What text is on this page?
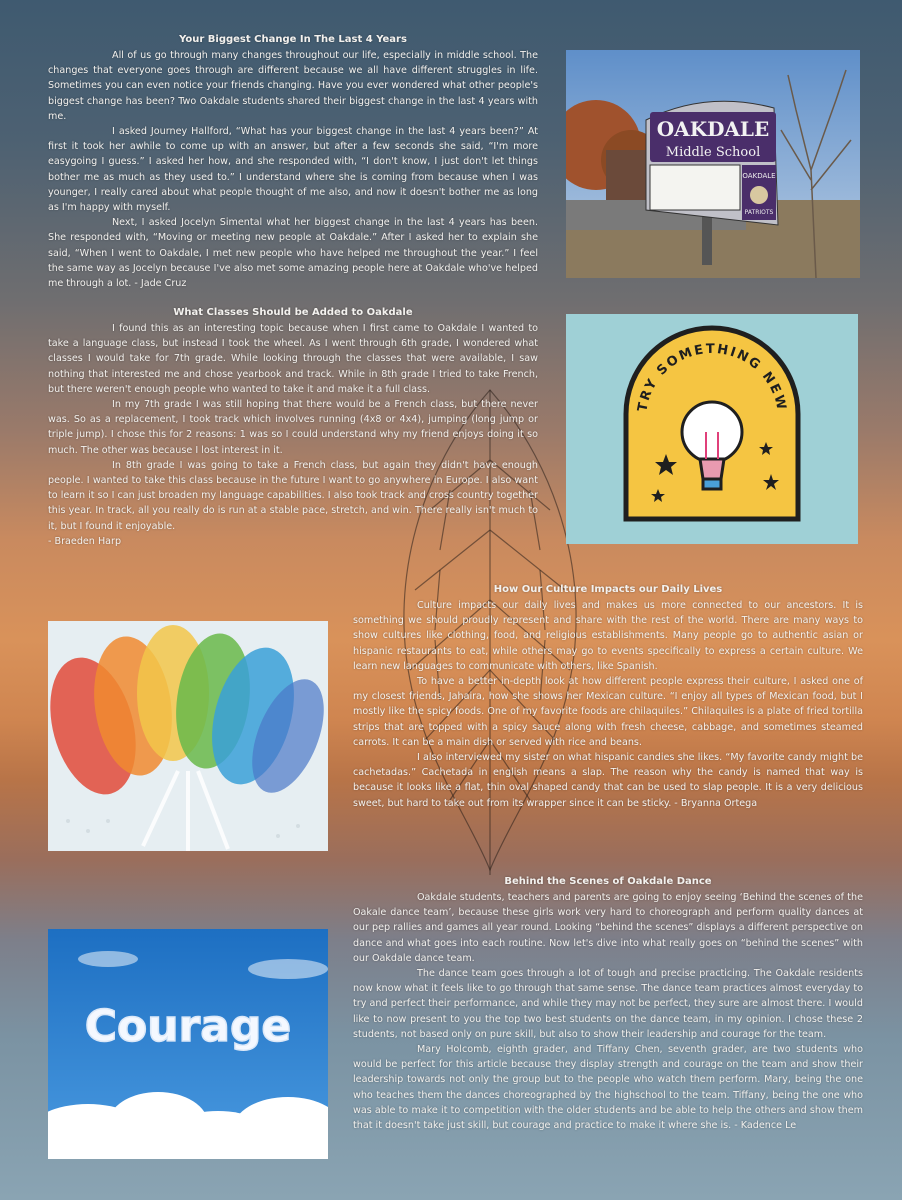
Your Biggest Change In The Last 4 Years

All of us go through many changes throughout our life, especially in middle school. The changes that everyone goes through are different because we all have different struggles in life. Sometimes you can even notice your friends changing. Have you ever wondered what other people's biggest change has been? Two Oakdale students shared their biggest change in the last 4 years with me.

I asked Journey Hallford, “What has your biggest change in the last 4 years been?” At first it took her awhile to come up with an answer, but after a few seconds she said, “I'm more easygoing I guess.” I asked her how, and she responded with, “I don't know, I just don't let things bother me as much as they used to.” I understand where she is coming from because when I was younger, I really cared about what people thought of me also, and now it doesn't bother me as long as I'm happy with myself.

Next, I asked Jocelyn Simental what her biggest change in the last 4 years has been. She responded with, “Moving or meeting new people at Oakdale.” After I asked her to explain she said, “When I went to Oakdale, I met new people who have helped me throughout the year.” I feel the same way as Jocelyn because I've also met some amazing people here at Oakdale who've helped me through a lot. - Jade Cruz

What Classes Should be Added to Oakdale

I found this as an interesting topic because when I first came to Oakdale I wanted to take a language class, but instead I took the wheel. As I went through 6th grade, I wondered what classes I would take for 7th grade. While looking through the classes that were available, I saw nothing that interested me and chose yearbook and track. While in 8th grade I tried to take French, but there weren't enough people who wanted to take it and make it a full class.

In my 7th grade I was still hoping that there would be a French class, but there never was. So as a replacement, I took track which involves running (4x8 or 4x4), jumping (long jump or triple jump). I chose this for 2 reasons: 1 was so I could understand why my friend enjoys doing it so much. The other was because I lost interest in it.

In 8th grade I was going to take a French class, but again they didn't have enough people. I wanted to take this class because in the future I want to go anywhere in Europe. I also want to learn it so I can just broaden my language capabilities. I also took track and cross country together this year. In track, all you really do is run at a stable pace, stretch, and win. There really isn't much to it, but I found it enjoyable.

- Braeden Harp

How Our Culture Impacts our Daily Lives

Culture impacts our daily lives and makes us more connected to our ancestors. It is something we should proudly represent and share with the rest of the world. There are many ways to show cultures like clothing, food, and religious establishments. Many people go to authentic asian or hispanic restaurants to eat, while others may go to events specifically to express a certain culture. We learn new languages to communicate with others, like Spanish.

To have a better in-depth look at how different people express their culture, I asked one of my closest friends, Jahaira, how she shows her Mexican culture. “I enjoy all types of Mexican food, but I mostly like the spicy foods. One of my favorite foods are chilaquiles.” Chilaquiles is a plate of fried tortilla strips that are topped with a spicy sauce along with fresh cheese, cabbage, and sometimes steamed carrots. It can be a main dish or served with rice and beans.

I also interviewed my sister on what hispanic candies she likes. “My favorite candy might be cachetadas.” Cachetada in english means a slap. The reason why the candy is named that way is because it looks like a flat, thin oval shaped candy that can be used to slap people. It is a very delicious sweet, but hard to take out from its wrapper since it can be sticky. - Bryanna Ortega

Behind the Scenes of Oakdale Dance

Oakdale students, teachers and parents are going to enjoy seeing ‘Behind the scenes of the Oakale dance team’, because these girls work very hard to choreograph and perform quality dances at our pep rallies and games all year round. Looking “behind the scenes” displays a different perspective on dance and what goes into each routine. Now let's dive into what really goes on “behind the scenes” with our Oakdale dance team.

The dance team goes through a lot of tough and precise practicing. The Oakdale residents now know what it feels like to go through that same sense. The dance team practices almost everyday to try and perfect their performance, and while they may not be perfect, they sure are almost there. I would like to now present to you the top two best students on the dance team, in my opinion. I chose these 2 students, not based only on pure skill, but also to show their leadership and courage for the team.

Mary Holcomb, eighth grader, and Tiffany Chen, seventh grader, are two students who would be perfect for this article because they display strength and courage on the team and show their leadership towards not only the group but to the people who watch them perform. Mary, being the one who teaches them the dances choreographed by the highschool to the team. Tiffany, being the one who was able to make it to competition with the older students and be able to help the others and show them that it doesn't take just skill, but courage and practice to make it where she is. - Kadence Le

OAKDALE
Middle School
OAKDALE
PATRIOTS
TRY SOMETHING NEW
Courage
